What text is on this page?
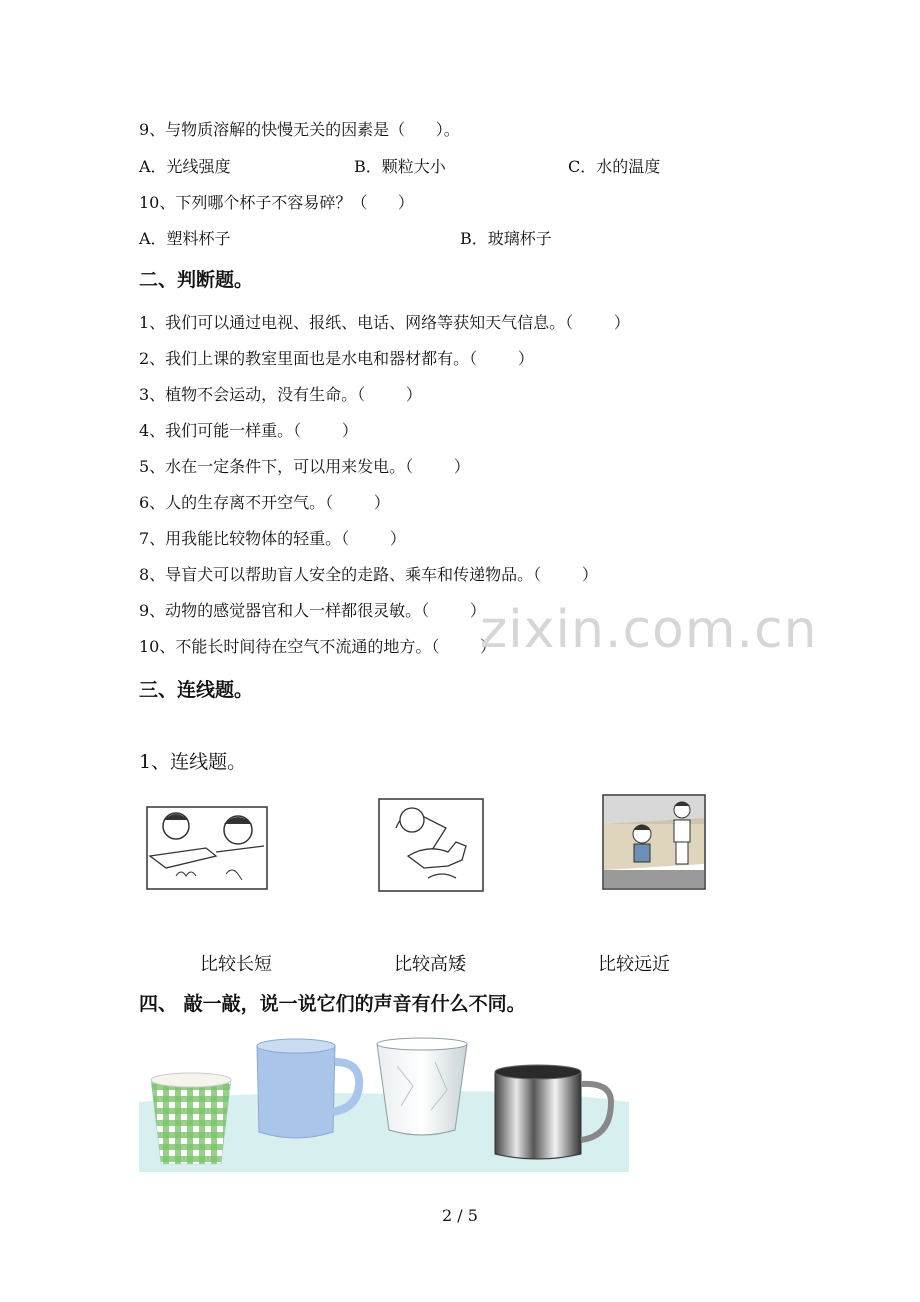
9、与物质溶解的快慢无关的因素是（      ）。
A．光线强度	B．颗粒大小	C．水的温度
10、下列哪个杯子不容易碎？（      ）
A．塑料杯子	B．玻璃杯子
二、判断题。
1、我们可以通过电视、报纸、电话、网络等获知天气信息。（        ）
2、我们上课的教室里面也是水电和器材都有。（        ）
3、植物不会运动，没有生命。（        ）
4、我们可能一样重。（        ）
5、水在一定条件下，可以用来发电。（        ）
6、人的生存离不开空气。（        ）
7、用我能比较物体的轻重。（        ）
8、导盲犬可以帮助盲人安全的走路、乘车和传递物品。（        ）
9、动物的感觉器官和人一样都很灵敏。（        ）
10、不能长时间待在空气不流通的地方。（        ）
zixin.com.cn
三、连线题。
1、连线题。
比较长短	比较高矮	比较远近
四、 敲一敲，说一说它们的声音有什么不同。
2 / 5
